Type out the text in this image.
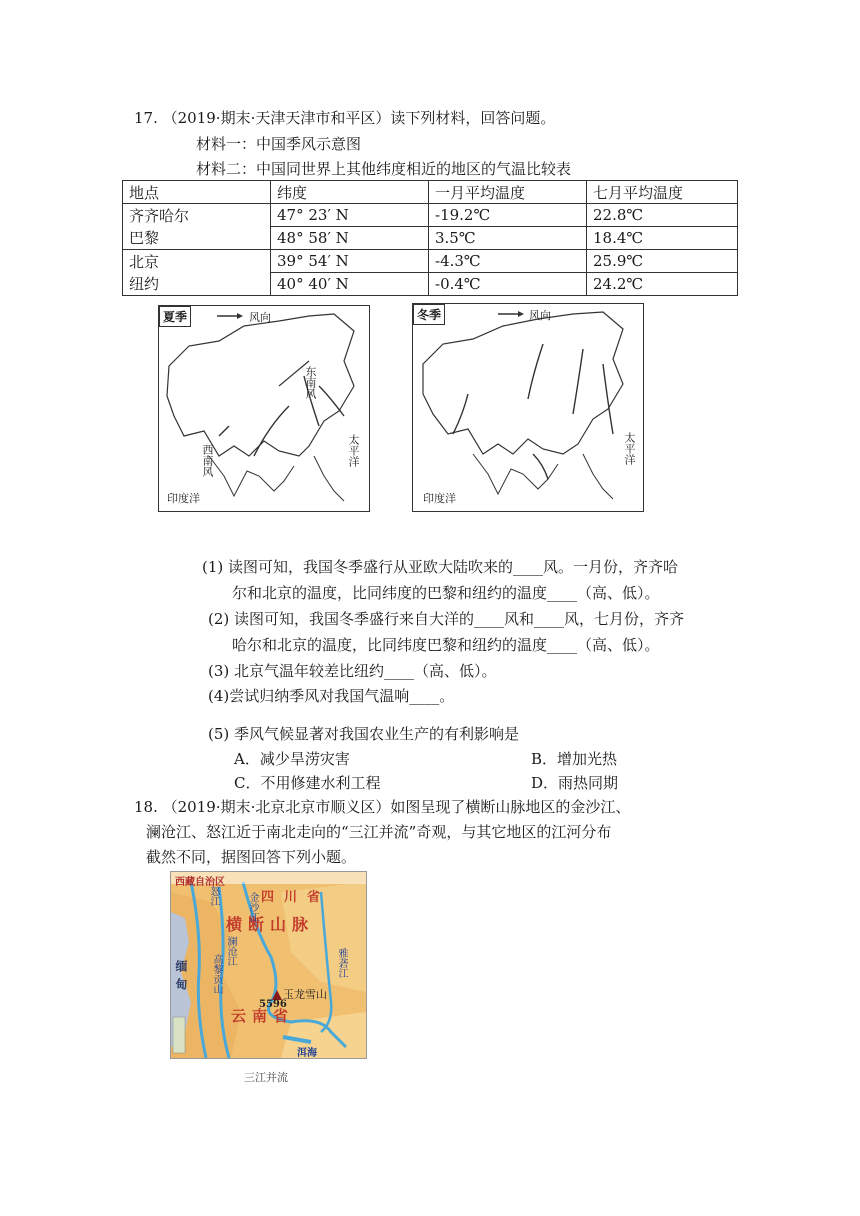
17. （2019·期末·天津天津市和平区）读下列材料，回答问题。
材料一：中国季风示意图
材料二：中国同世界上其他纬度相近的地区的气温比较表
地点	纬度	一月平均温度	七月平均温度
齐齐哈尔	47° 23′ N	-19.2℃	22.8℃
巴黎	48° 58′ N	3.5℃	18.4℃
北京	39° 54′ N	-4.3℃	25.9℃
纽约	40° 40′ N	-0.4℃	24.2℃
夏季	风向
东南风
西南风	太平洋
印度洋
冬季	风向
太平洋
印度洋
(1) 读图可知，我国冬季盛行从亚欧大陆吹来的____风。一月份，齐齐哈
尔和北京的温度，比同纬度的巴黎和纽约的温度____（高、低）。
(2) 读图可知，我国冬季盛行来自大洋的____风和____风，七月份，齐齐
哈尔和北京的温度，比同纬度巴黎和纽约的温度____（高、低）。
(3) 北京气温年较差比纽约____（高、低）。
(4)尝试归纳季风对我国气温响____。
(5) 季风气候显著对我国农业生产的有利影响是
A．减少旱涝灾害	B．增加光热
C．不用修建水利工程	D．雨热同期
18. （2019·期末·北京北京市顺义区）如图呈现了横断山脉地区的金沙江、
澜沧江、怒江近于南北走向的“三江并流”奇观，与其它地区的江河分布
截然不同，据图回答下列小题。
西藏自治区
四川省
横断山脉
缅甸
云南省
金沙江
澜沧江
怒江
高黎贡山	雅砻江
玉龙雪山
5596
洱海
三江并流
